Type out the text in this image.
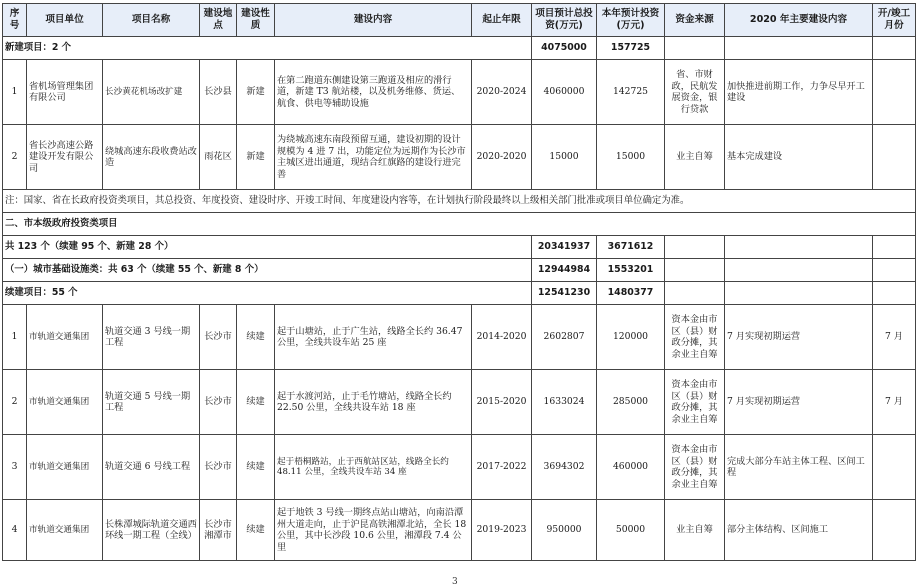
序号	项目单位	项目名称	建设地点	建设性质	建设内容	起止年限	项目预计总投资(万元)	本年预计投资(万元)	资金来源	2020 年主要建设内容	开/竣工月份
新建项目：2 个							4075000	157725			
1	省机场管理集团有限公司	长沙黄花机场改扩建	长沙县	新建	在第二跑道东侧建设第三跑道及相应的滑行道，新建 T3 航站楼，以及机务维修、货运、航食、供电等辅助设施	2020-2024	4060000	142725	省、市财政，民航发展资金，银行贷款	加快推进前期工作，力争尽早开工建设	
2	省长沙高速公路建设开发有限公司	绕城高速东段收费站改造	雨花区	新建	为绕城高速东南段预留互通，建设初期的设计规模为 4 进 7 出，功能定位为远期作为长沙市主城区进出通道，现结合红旗路的建设行进完善	2020-2020	15000	15000	业主自筹	基本完成建设	
注：国家、省在长政府投资类项目，其总投资、年度投资、建设时序、开竣工时间、年度建设内容等，在计划执行阶段最终以上级相关部门批准或项目单位确定为准。											
二、市本级政府投资类项目											
共 123 个（续建 95 个、新建 28 个）							20341937	3671612			
（一）城市基础设施类：共 63 个（续建 55 个、新建 8 个）							12944984	1553201			
续建项目：55 个							12541230	1480377			
1	市轨道交通集团	轨道交通 3 号线一期工程	长沙市	续建	起于山塘站，止于广生站，线路全长约 36.47 公里，全线共设车站 25 座	2014-2020	2602807	120000	资本金由市区（县）财政分摊，其余业主自筹	7 月实现初期运营	7 月
2	市轨道交通集团	轨道交通 5 号线一期工程	长沙市	续建	起于水渡河站，止于毛竹塘站，线路全长约 22.50 公里，全线共设车站 18 座	2015-2020	1633024	285000	资本金由市区（县）财政分摊，其余业主自筹	7 月实现初期运营	7 月
3	市轨道交通集团	轨道交通 6 号线工程	长沙市	续建	起于梧桐路站，止于西航站区站，线路全长约 48.11 公里，全线共设车站 34 座	2017-2022	3694302	460000	资本金由市区（县）财政分摊，其余业主自筹	完成大部分车站主体工程、区间工程	
4	市轨道交通集团	长株潭城际轨道交通西环线一期工程（全线）	长沙市湘潭市	续建	起于地铁 3 号线一期终点站山塘站，向南沿潭州大道走向，止于沪昆高铁湘潭北站，全长 18 公里，其中长沙段 10.6 公里，湘潭段 7.4 公里	2019-2023	950000	50000	业主自筹	部分主体结构、区间施工	
3
